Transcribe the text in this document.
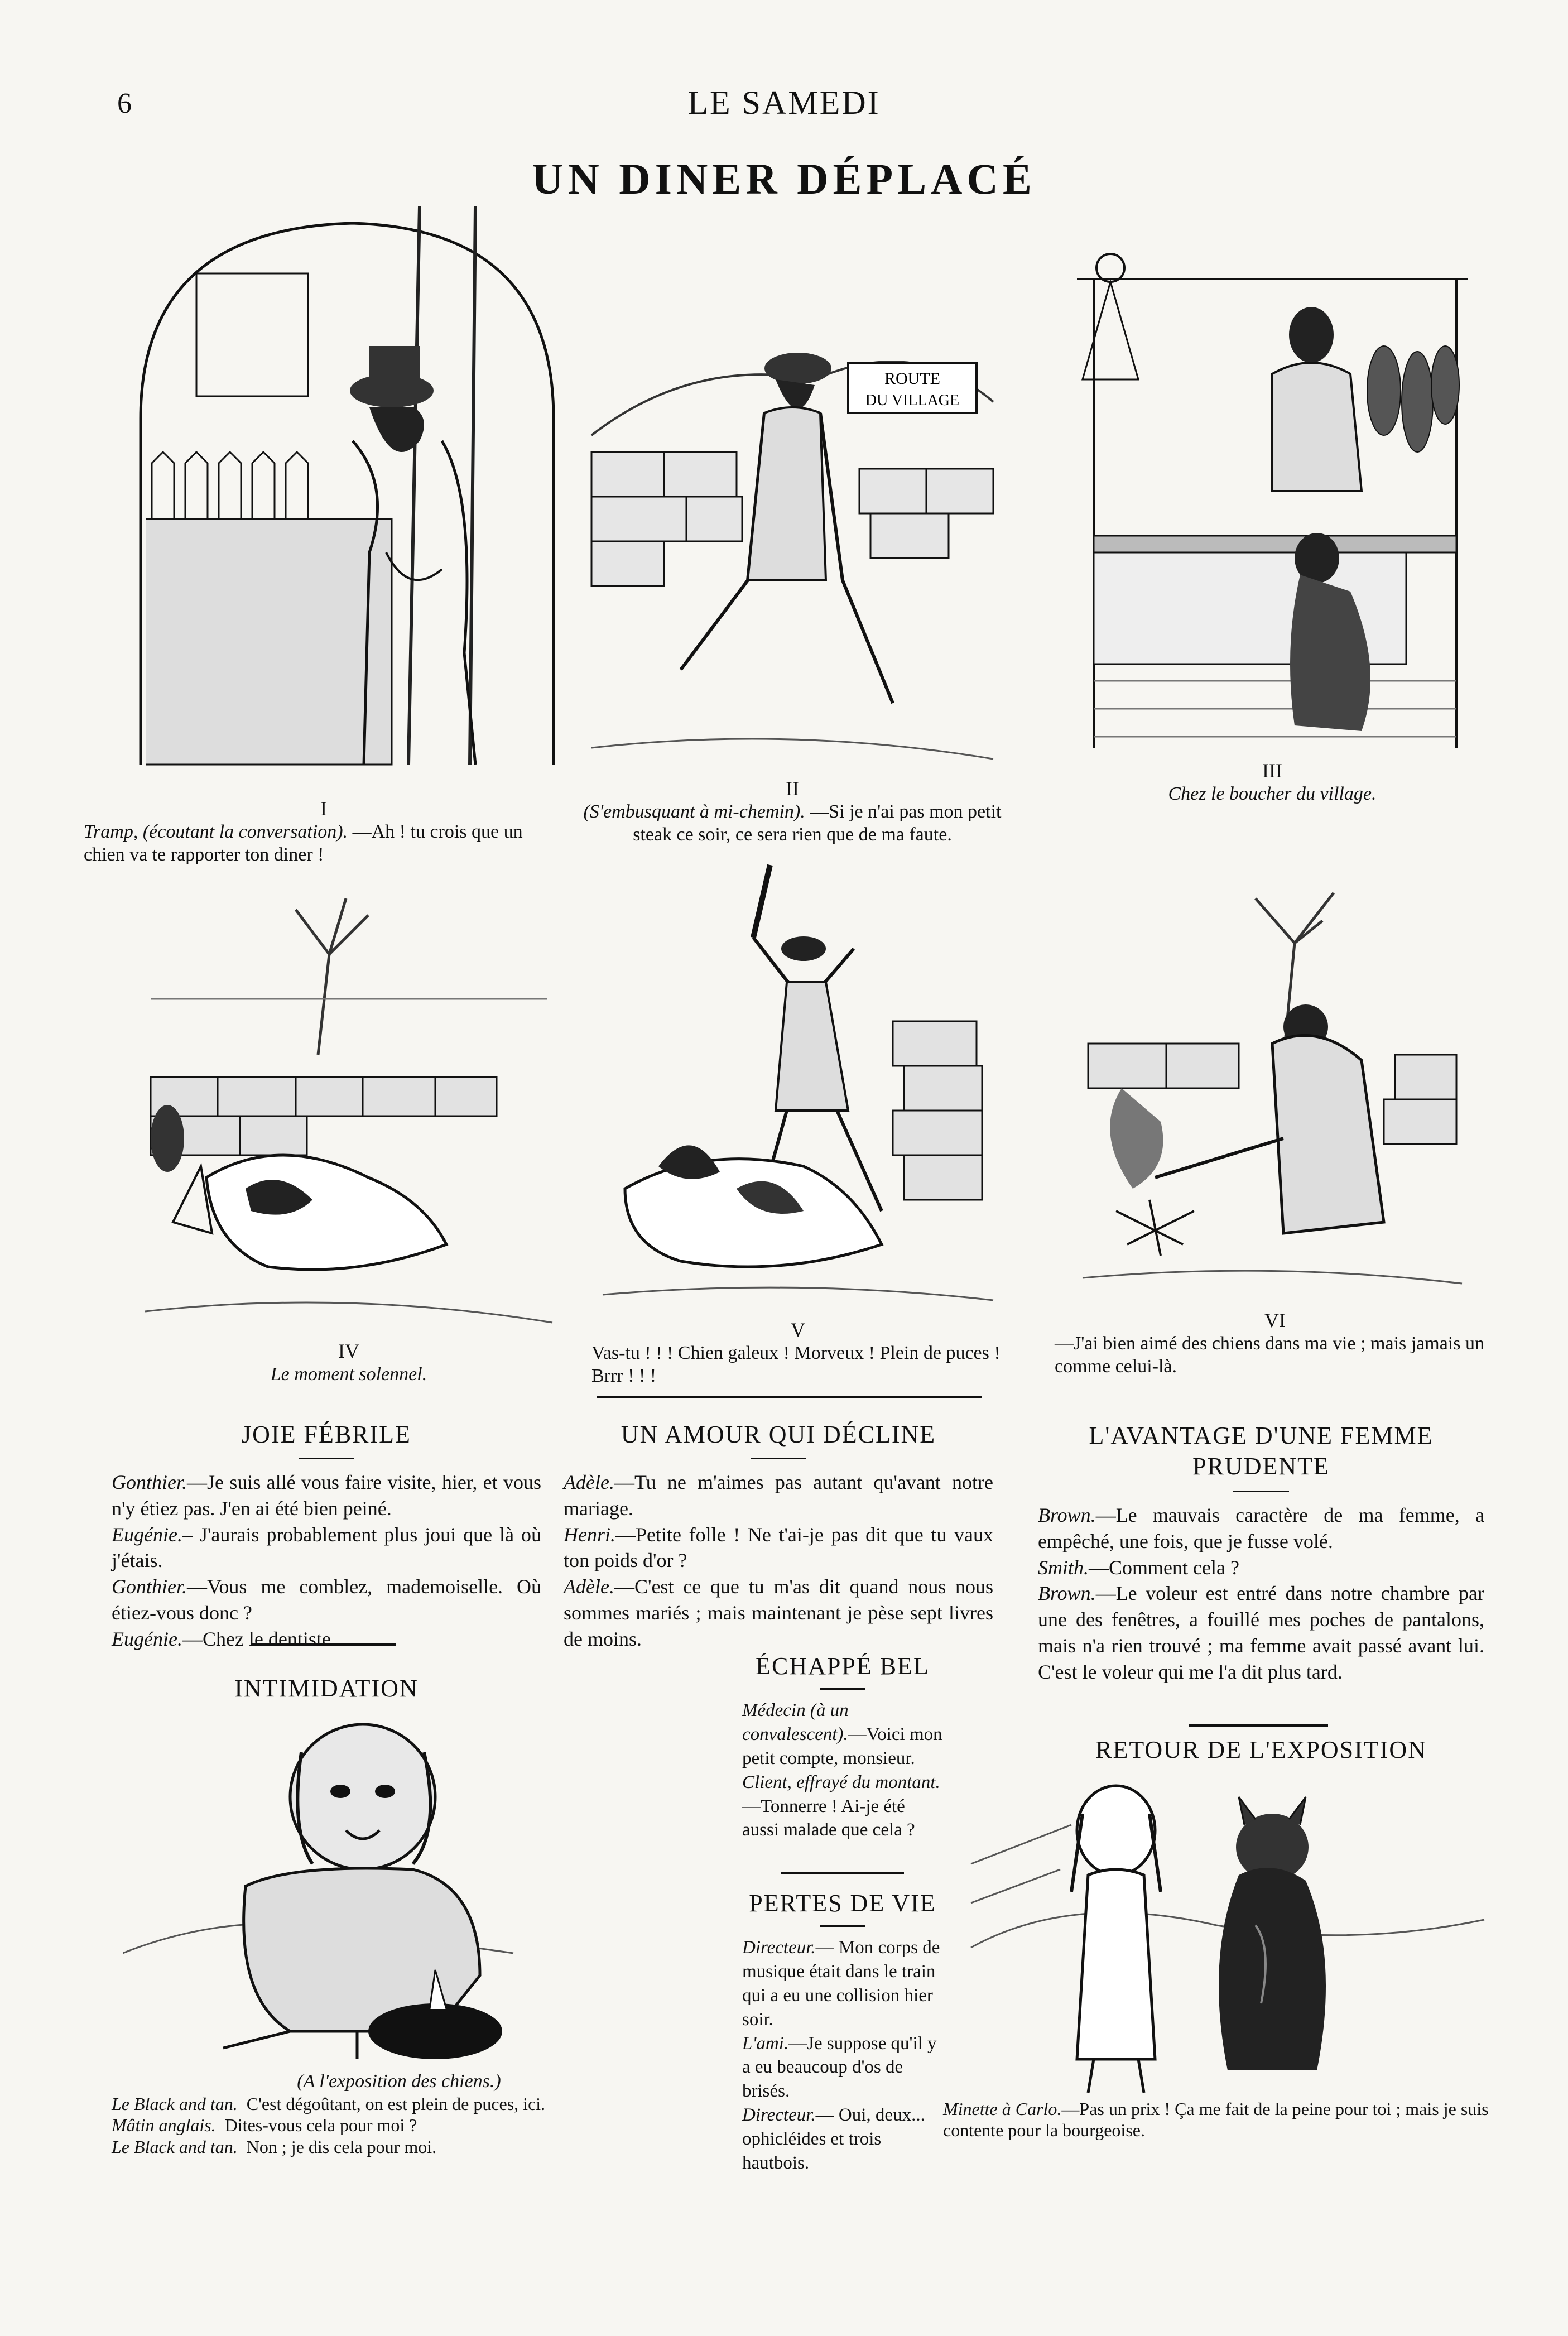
6	LE SAMEDI
UN DINER DÉPLACÉ
I
Tramp, (écoutant la conversation). —Ah ! tu crois que un chien va te rapporter ton diner !
ROUTE
DU VILLAGE
II
(S'embusquant à mi-chemin). —Si je n'ai pas mon petit steak ce soir, ce sera rien que de ma faute.
III
Chez le boucher du village.
IV
Le moment solennel.
V
Vas-tu ! ! ! Chien galeux ! Morveux ! Plein de puces ! Brrr ! ! !
VI
—J'ai bien aimé des chiens dans ma vie ; mais jamais un comme celui-là.
JOIE FÉBRILE

Gonthier.—Je suis allé vous faire visite, hier, et vous n'y étiez pas. J'en ai été bien peiné.

Eugénie.– J'aurais probablement plus joui que là où j'étais.

Gonthier.—Vous me comblez, mademoiselle. Où étiez-vous donc ?

Eugénie.—Chez le dentiste.

UN AMOUR QUI DÉCLINE

Adèle.—Tu ne m'aimes pas autant qu'avant notre mariage.

Henri.—Petite folle ! Ne t'ai-je pas dit que tu vaux ton poids d'or ?

Adèle.—C'est ce que tu m'as dit quand nous nous sommes mariés ; mais maintenant je pèse sept livres de moins.

L'AVANTAGE D'UNE FEMME PRUDENTE

Brown.—Le mauvais caractère de ma femme, a empêché, une fois, que je fusse volé.

Smith.—Comment cela ?

Brown.—Le voleur est entré dans notre chambre par une des fenêtres, a fouillé mes poches de pantalons, mais n'a rien trouvé ; ma femme avait passé avant lui. C'est le voleur qui me l'a dit plus tard.

INTIMIDATION
(A l'exposition des chiens.)
Le Black and tan. C'est dégoûtant, on est plein de puces, ici.
Mâtin anglais. Dites-vous cela pour moi ?
Le Black and tan. Non ; je dis cela pour moi.
ÉCHAPPÉ BEL

Médecin (à un convalescent).—Voici mon petit compte, monsieur.

Client, effrayé du montant.—Tonnerre ! Ai-je été aussi malade que cela ?

PERTES DE VIE

Directeur.— Mon corps de musique était dans le train qui a eu une collision hier soir.

L'ami.—Je suppose qu'il y a eu beaucoup d'os de brisés.

Directeur.— Oui, deux... ophicléides et trois hautbois.

RETOUR DE L'EXPOSITION
Minette à Carlo.—Pas un prix ! Ça me fait de la peine pour toi ; mais je suis contente pour la bourgeoise.
